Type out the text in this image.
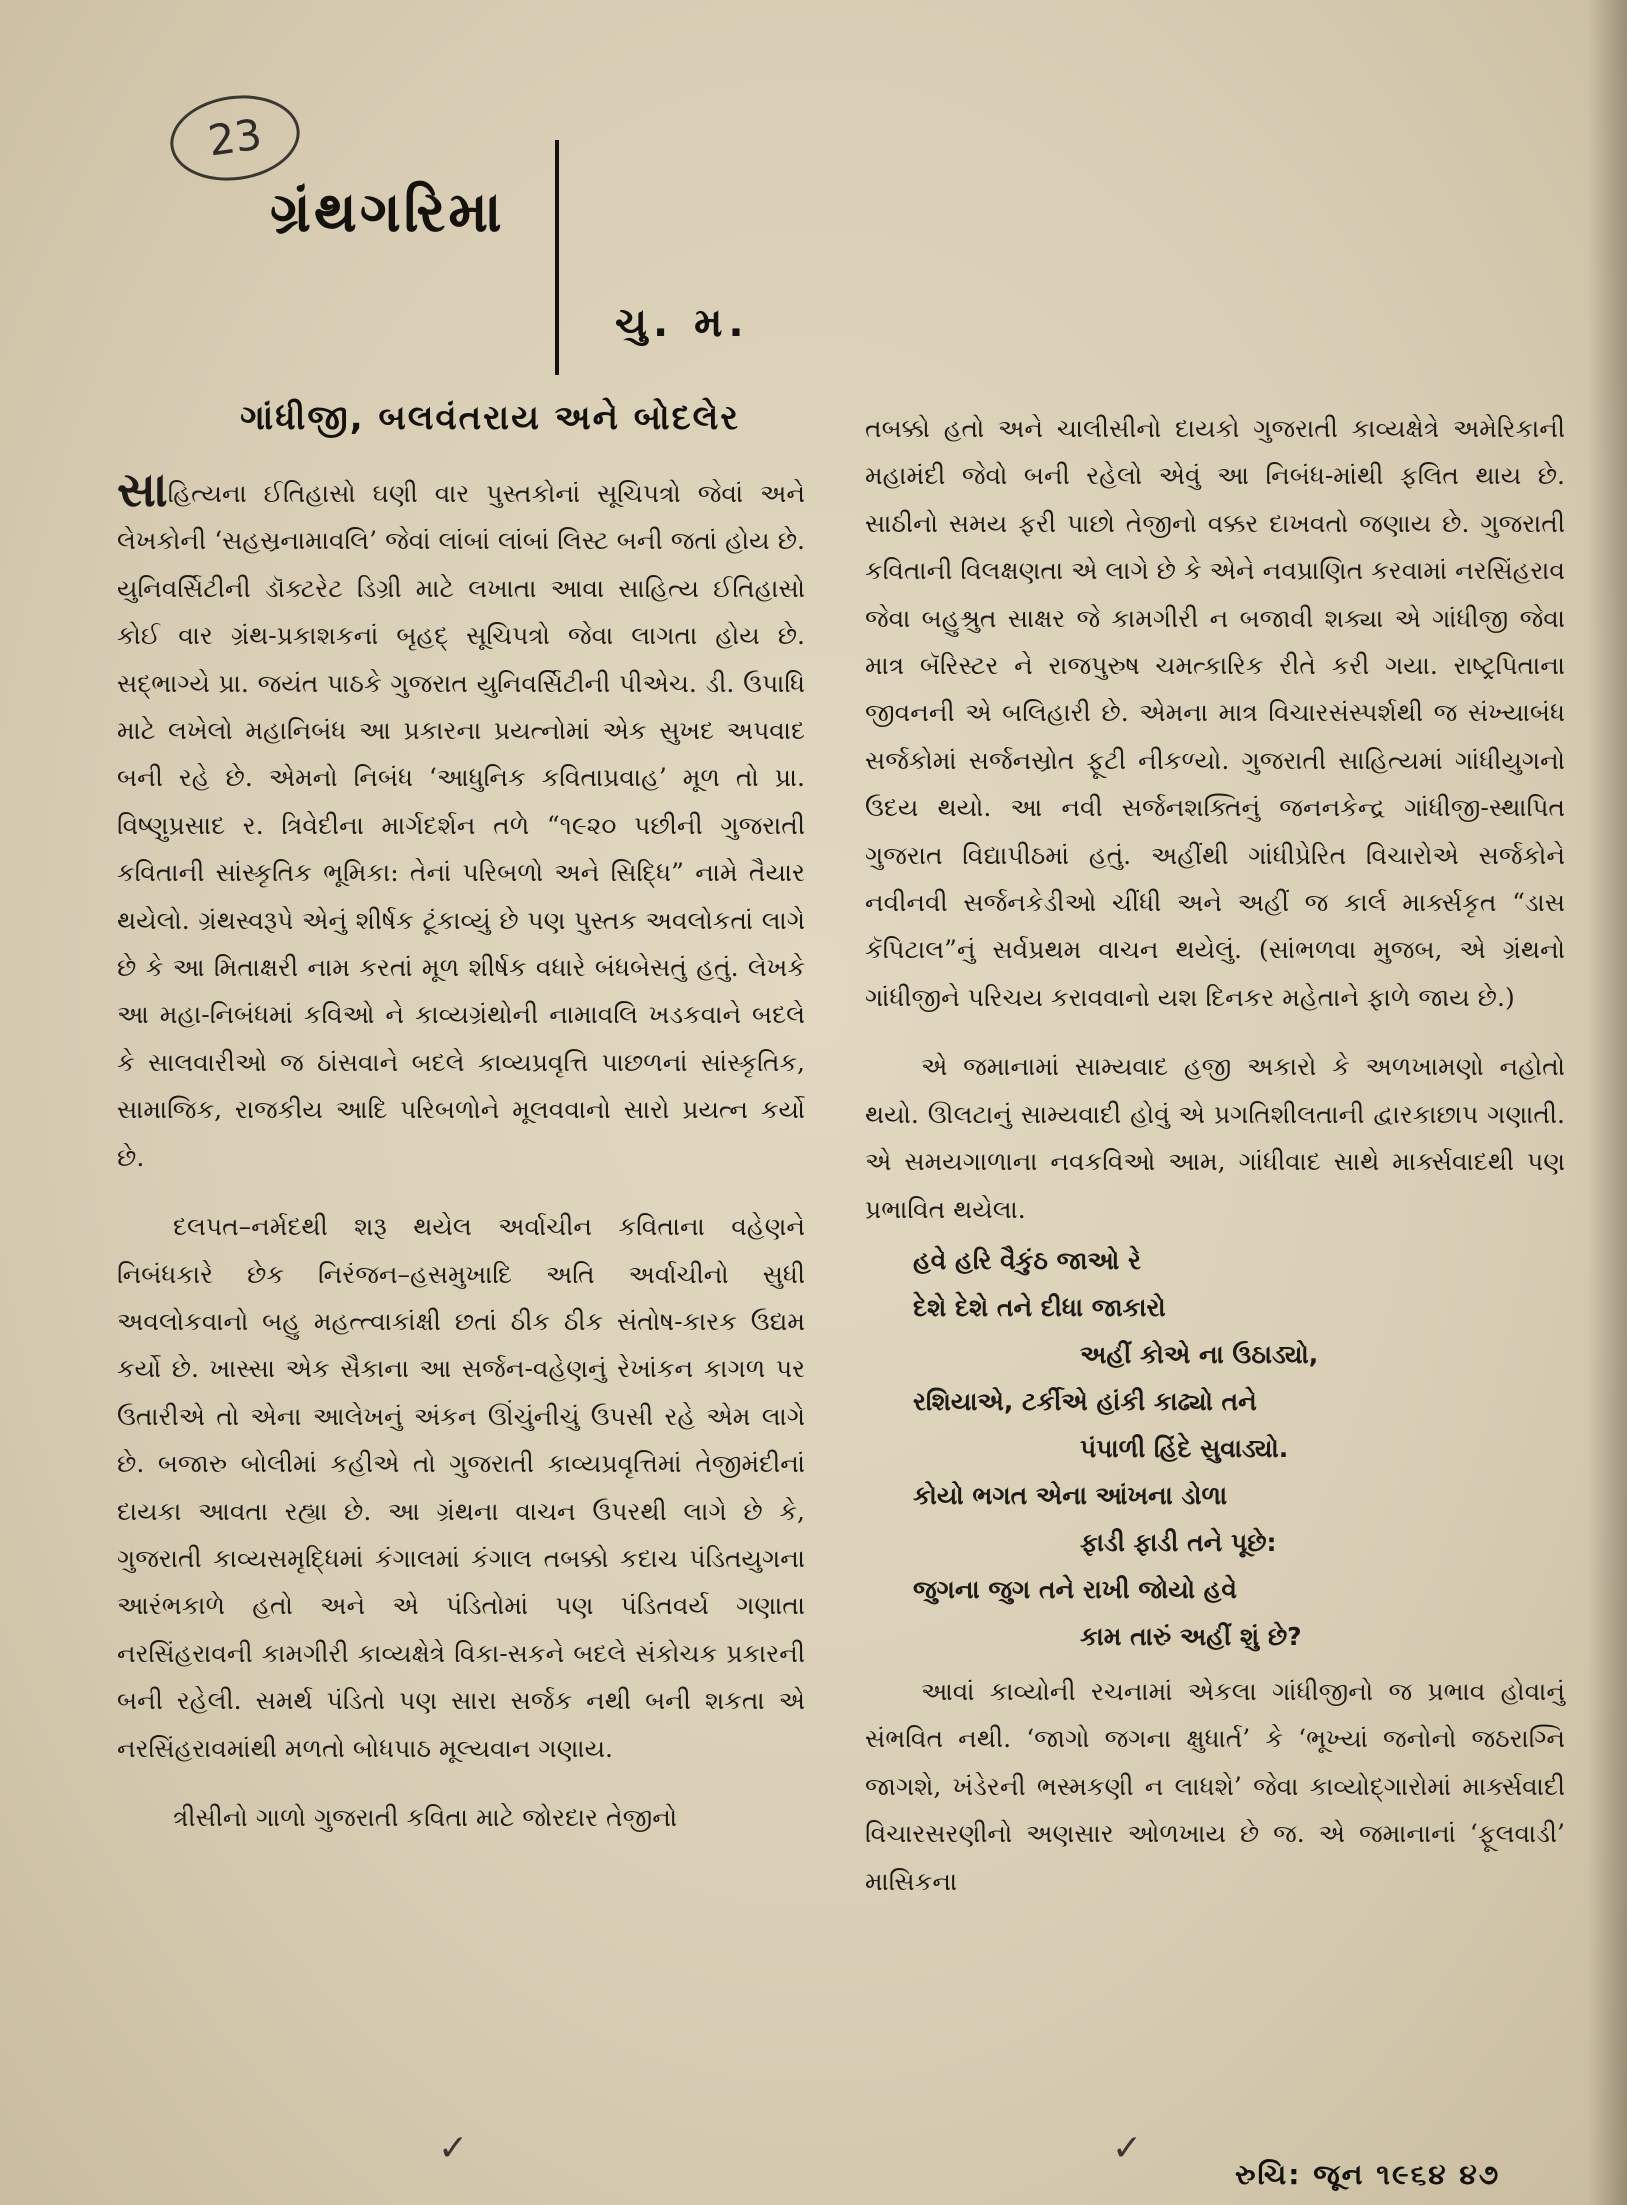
23
ગ્રંથગરિમા
ચુ. મ.
ગાંધીજી, બલવંતરાય અને બોદલેર

સાહિત્યના ઈતિહાસો ઘણી વાર પુસ્તકોનાં સૂચિપત્રો જેવાં અને લેખકોની ‘સહસ્રનામાવલિ’ જેવાં લાંબાં લાંબાં લિસ્ટ બની જતાં હોય છે. યુનિવર્સિટીની ડૉક્ટરેટ ડિગ્રી માટે લખાતા આવા સાહિત્ય ઈતિહાસો કોઈ વાર ગ્રંથ-પ્રકાશકનાં બૃહદ્ સૂચિપત્રો જેવા લાગતા હોય છે. સદ્ભાગ્યે પ્રા. જયંત પાઠકે ગુજરાત યુનિવર્સિટીની પીએચ. ડી. ઉપાધિ માટે લખેલો મહાનિબંધ આ પ્રકારના પ્રયત્નોમાં એક સુખદ અપવાદ બની રહે છે. એમનો નિબંધ ‘આધુનિક કવિતાપ્રવાહ’ મૂળ તો પ્રા. વિષ્ણુપ્રસાદ ર. ત્રિવેદીના માર્ગદર્શન તળે “૧૯૨૦ પછીની ગુજરાતી કવિતાની સાંસ્કૃતિક ભૂમિકા: તેનાં પરિબળો અને સિદ્ધિ” નામે તૈયાર થયેલો. ગ્રંથસ્વરૂપે એનું શીર્ષક ટૂંકાવ્યું છે પણ પુસ્તક અવલોકતાં લાગે છે કે આ મિતાક્ષરી નામ કરતાં મૂળ શીર્ષક વધારે બંધબેસતું હતું. લેખકે આ મહા-નિબંધમાં કવિઓ ને કાવ્યગ્રંથોની નામાવલિ ખડકવાને બદલે કે સાલવારીઓ જ ઠાંસવાને બદલે કાવ્યપ્રવૃત્તિ પાછળનાં સાંસ્કૃતિક, સામાજિક, રાજકીય આદિ પરિબળોને મૂલવવાનો સારો પ્રયત્ન કર્યો છે.

દલપત–નર્મદથી શરૂ થયેલ અર્વાચીન કવિતાના વહેણને નિબંધકારે છેક નિરંજન–હસમુખાદિ અતિ અર્વાચીનો સુધી અવલોકવાનો બહુ મહત્ત્વાકાંક્ષી છતાં ઠીક ઠીક સંતોષ-કારક ઉદ્યમ કર્યો છે. ખાસ્સા એક સૈકાના આ સર્જન-વહેણનું રેખાંકન કાગળ પર ઉતારીએ તો એના આલેખનું અંકન ઊંચુંનીચું ઉપસી રહે એમ લાગે છે. બજારુ બોલીમાં કહીએ તો ગુજરાતી કાવ્યપ્રવૃત્તિમાં તેજીમંદીનાં દાયકા આવતા રહ્યા છે. આ ગ્રંથના વાચન ઉપરથી લાગે છે કે, ગુજરાતી કાવ્યસમૃદ્ધિમાં કંગાલમાં કંગાલ તબક્કો કદાચ પંડિતયુગના આરંભકાળે હતો અને એ પંડિતોમાં પણ પંડિતવર્ય ગણાતા નરસિંહરાવની કામગીરી કાવ્યક્ષેત્રે વિકા-સકને બદલે સંકોચક પ્રકારની બની રહેલી. સમર્થ પંડિતો પણ સારા સર્જક નથી બની શકતા એ નરસિંહરાવમાંથી મળતો બોધપાઠ મૂલ્યવાન ગણાય.

ત્રીસીનો ગાળો ગુજરાતી કવિતા માટે જોરદાર તેજીનો

તબક્કો હતો અને ચાલીસીનો દાયકો ગુજરાતી કાવ્યક્ષેત્રે અમેરિકાની મહામંદી જેવો બની રહેલો એવું આ નિબંધ-માંથી ફલિત થાય છે. સાઠીનો સમય ફરી પાછો તેજીનો વક્કર દાખવતો જણાય છે. ગુજરાતી કવિતાની વિલક્ષણતા એ લાગે છે કે એને નવપ્રાણિત કરવામાં નરસિંહરાવ જેવા બહુશ્રુત સાક્ષર જે કામગીરી ન બજાવી શક્યા એ ગાંધીજી જેવા માત્ર બૅરિસ્ટર ને રાજપુરુષ ચમત્કારિક રીતે કરી ગયા. રાષ્ટ્રપિતાના જીવનની એ બલિહારી છે. એમના માત્ર વિચારસંસ્પર્શથી જ સંખ્યાબંધ સર્જકોમાં સર્જનસ્રોત ફૂટી નીકળ્યો. ગુજરાતી સાહિત્યમાં ગાંધીયુગનો ઉદય થયો. આ નવી સર્જનશક્તિનું જનનકેન્દ્ર ગાંધીજી-સ્થાપિત ગુજરાત વિદ્યાપીઠમાં હતું. અહીંથી ગાંધીપ્રેરિત વિચારોએ સર્જકોને નવીનવી સર્જનકેડીઓ ચીંધી અને અહીં જ કાર્લ માર્ક્સકૃત “ડાસ કૅપિટાલ”નું સર્વપ્રથમ વાચન થયેલું. (સાંભળવા મુજબ, એ ગ્રંથનો ગાંધીજીને પરિચય કરાવવાનો યશ દિનકર મહેતાને ફાળે જાય છે.)

એ જમાનામાં સામ્યવાદ હજી અકારો કે અળખામણો નહોતો થયો. ઊલટાનું સામ્યવાદી હોવું એ પ્રગતિશીલતાની દ્વારકાછાપ ગણાતી. એ સમયગાળાના નવકવિઓ આમ, ગાંધીવાદ સાથે માર્ક્સવાદથી પણ પ્રભાવિત થયેલા.

હવે હરિ વૈકુંઠ જાઓ રે
દેશે દેશે તને દીધા જાકારો
અહીં કોએ ના ઉઠાડ્યો,
રશિયાએ, ટર્કીએ હાંકી કાઢ્યો તને
પંપાળી હિંદે સુવાડ્યો.
કોયો ભગત એના આંખના ડોળા
ફાડી ફાડી તને પૂછે:
જુગના જુગ તને રાખી જોયો હવે
કામ તારું અહીં શું છે?

આવાં કાવ્યોની રચનામાં એકલા ગાંધીજીનો જ પ્રભાવ હોવાનું સંભવિત નથી. ‘જાગો જગના ક્ષુધાર્ત’ કે ‘ભૂખ્યાં જનોનો જઠરાગ્નિ જાગશે, ખંડેરની ભસ્મકણી ન લાધશે’ જેવા કાવ્યોદ્ગારોમાં માર્ક્સવાદી વિચારસરણીનો અણસાર ઓળખાય છે જ. એ જમાનાનાં ‘ફૂલવાડી’ માસિકના

✓	✓
રુચિ: જૂન ૧૯૬૪ ૪૭
